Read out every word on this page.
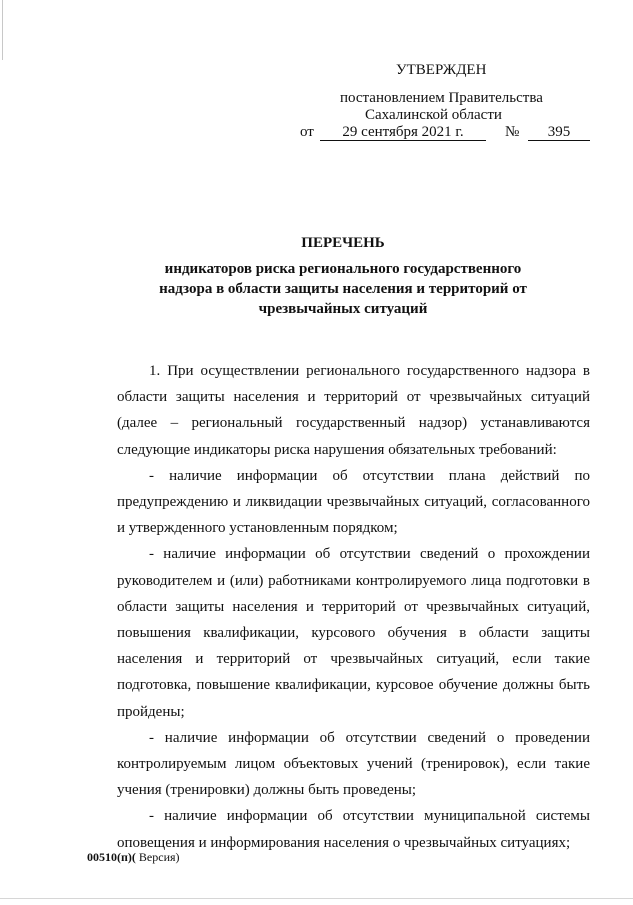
УТВЕРЖДЕН
постановлением Правительства
Сахалинской области
от	29 сентября 2021 г.	№	395
ПЕРЕЧЕНЬ
индикаторов риска регионального государственного
надзора в области защиты населения и территорий от
чрезвычайных ситуаций

1. При осуществлении регионального государственного надзора в области защиты населения и территорий от чрезвычайных ситуаций (далее – региональный государственный надзор) устанавливаются следующие индикаторы риска нарушения обязательных требований:

- наличие информации об отсутствии плана действий по предупреждению и ликвидации чрезвычайных ситуаций, согласованного и утвержденного установленным порядком;

- наличие информации об отсутствии сведений о прохождении руководителем и (или) работниками контролируемого лица подготовки в области защиты населения и территорий от чрезвычайных ситуаций, повышения квалификации, курсового обучения в области защиты населения и территорий от чрезвычайных ситуаций, если такие подготовка, повышение квалификации, курсовое обучение должны быть пройдены;

- наличие информации об отсутствии сведений о проведении контролируемым лицом объектовых учений (тренировок), если такие учения (тренировки) должны быть проведены;

- наличие информации об отсутствии муниципальной системы оповещения и информирования населения о чрезвычайных ситуациях;

00510(п)( Версия)
